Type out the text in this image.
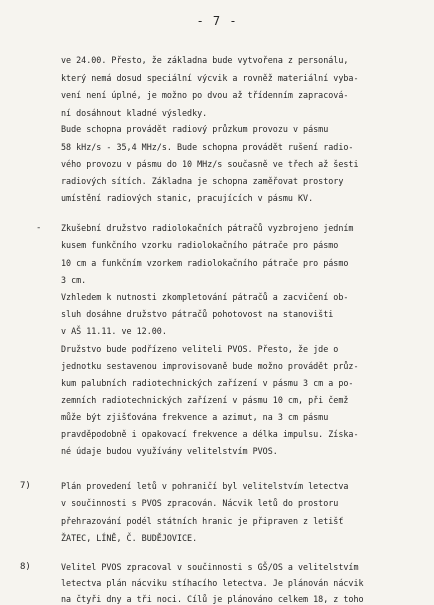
- 7 -
ve 24.00. Přesto, že základna bude vytvořena z personálu,
který nemá dosud speciální výcvik a rovněž materiální vyba-
vení není úplné, je možno po dvou až třídenním zapracová-
ní dosáhnout kladné výsledky.
Bude schopna provádět radiový průzkum provozu v pásmu
58 kHz/s - 35,4 MHz/s. Bude schopna provádět rušení radio-
vého provozu v pásmu do 10 MHz/s současně ve třech až šesti
radiových sítích. Základna je schopna zaměřovat prostory
umístění radiových stanic, pracujících v pásmu KV.
- Zkušební družstvo radiolokačních pátračů vyzbrojeno jedním
kusem funkčního vzorku radiolokačního pátrače pro pásmo
10 cm a funkčním vzorkem radiolokačního pátrače pro pásmo
3 cm.
Vzhledem k nutnosti zkompletování pátračů a zacvičení ob-
sluh dosáhne družstvo pátračů pohotovost na stanovišti
v AŠ 11.11. ve 12.00.
Družstvo bude podřízeno veliteli PVOS. Přesto, že jde o
jednotku sestavenou improvisovaně bude možno provádět průz-
kum palubních radiotechnických zařízení v pásmu 3 cm a po-
zemních radiotechnických zařízení v pásmu 10 cm, při čemž
může být zjišťována frekvence a azimut, na 3 cm pásmu
pravděpodobně i opakovací frekvence a délka impulsu. Získa-
né údaje budou využívány velitelstvím PVOS.
7)	Plán provedení letů v pohraničí byl velitelstvím letectva
v součinnosti s PVOS zpracován. Nácvik letů do prostoru
přehrazování podél státních hranic je připraven z letišť
ŽATEC, LÍNĚ, Č. BUDĚJOVICE.
8)	Velitel PVOS zpracoval v součinnosti s GŠ/OS a velitelstvím
letectva plán nácviku stíhacího letectva. Je plánován nácvik
na čtyři dny a tři noci. Cílů je plánováno celkem 18, z toho
